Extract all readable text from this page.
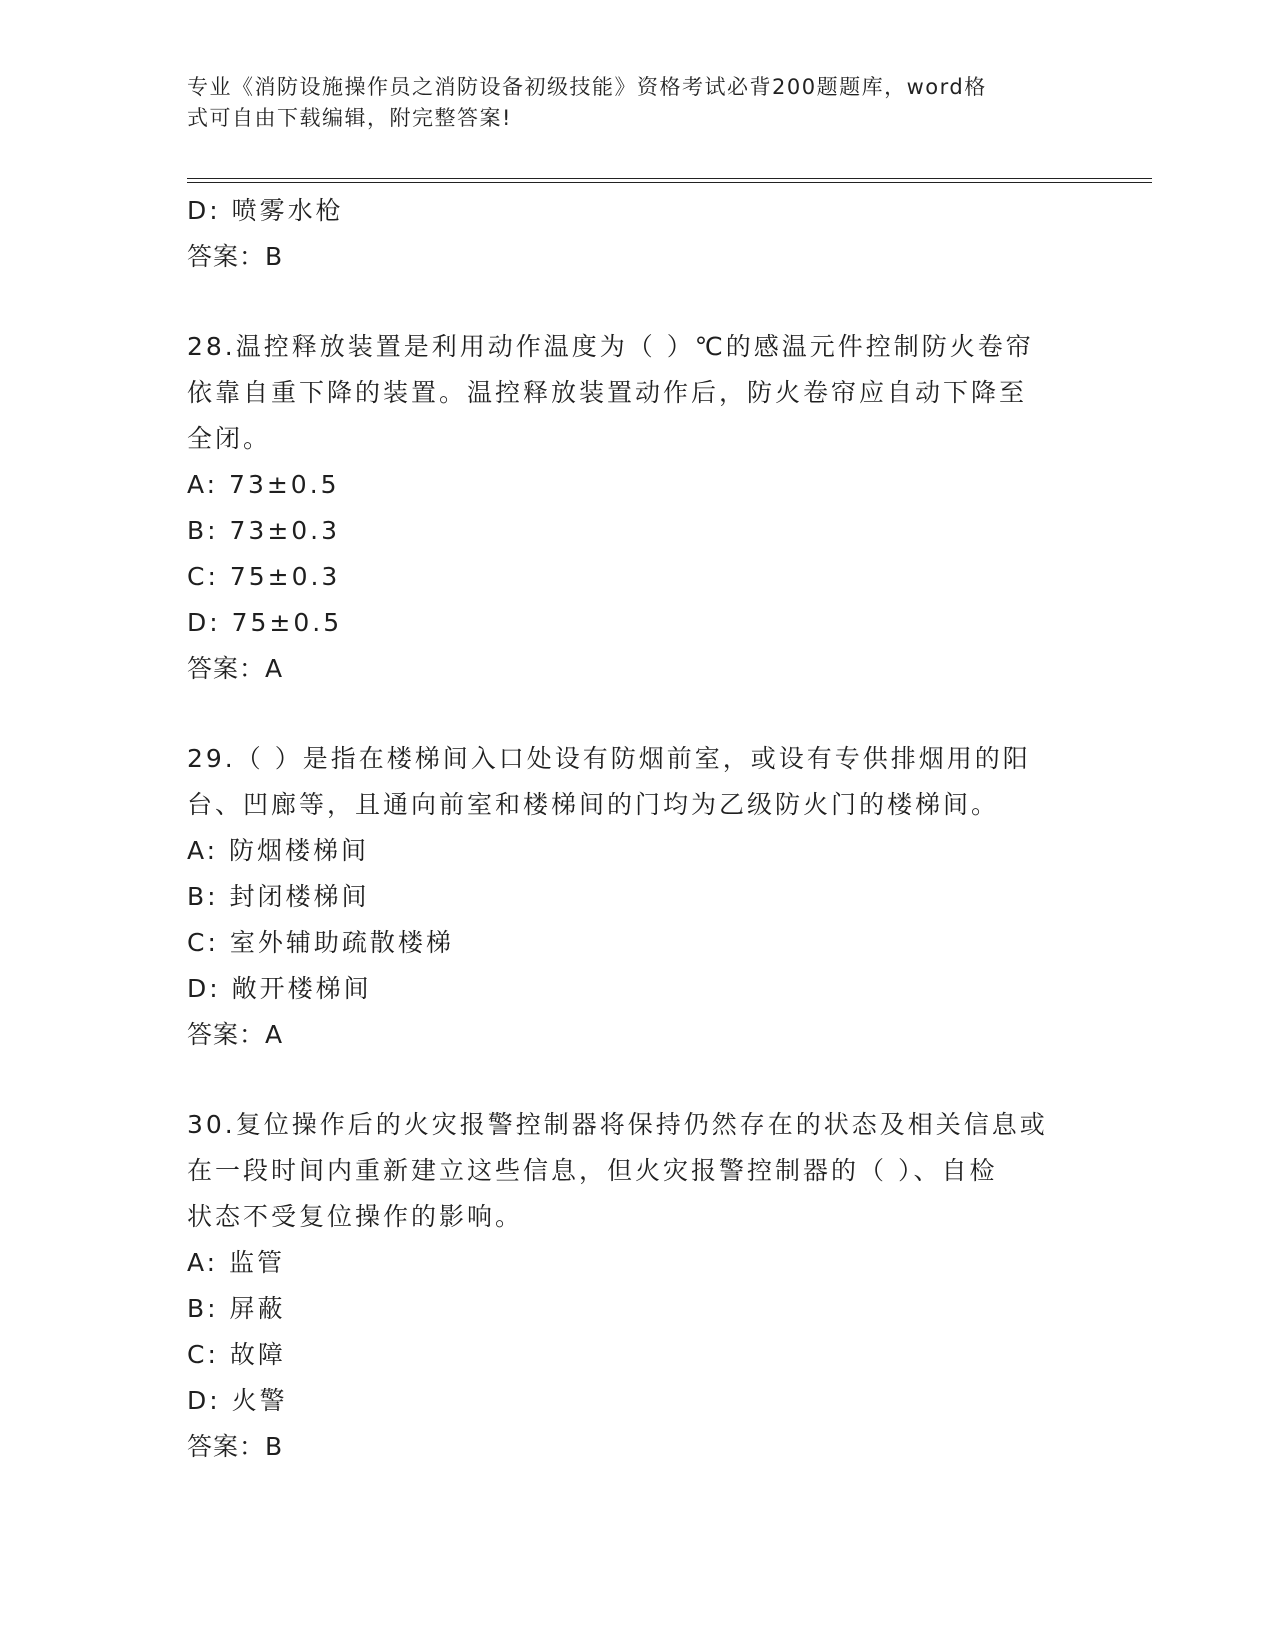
专业《消防设施操作员之消防设备初级技能》资格考试必背200题题库，word格
式可自由下载编辑，附完整答案!
D: 喷雾水枪
答案：B
28.温控释放装置是利用动作温度为（ ）℃的感温元件控制防火卷帘
依靠自重下降的装置。温控释放装置动作后，防火卷帘应自动下降至
全闭。
A: 73±0.5
B: 73±0.3
C: 75±0.3
D: 75±0.5
答案：A
29.（ ）是指在楼梯间入口处设有防烟前室，或设有专供排烟用的阳
台、凹廊等，且通向前室和楼梯间的门均为乙级防火门的楼梯间。
A: 防烟楼梯间
B: 封闭楼梯间
C: 室外辅助疏散楼梯
D: 敞开楼梯间
答案：A
30.复位操作后的火灾报警控制器将保持仍然存在的状态及相关信息或
在一段时间内重新建立这些信息，但火灾报警控制器的（ ）、自检
状态不受复位操作的影响。
A: 监管
B: 屏蔽
C: 故障
D: 火警
答案：B
